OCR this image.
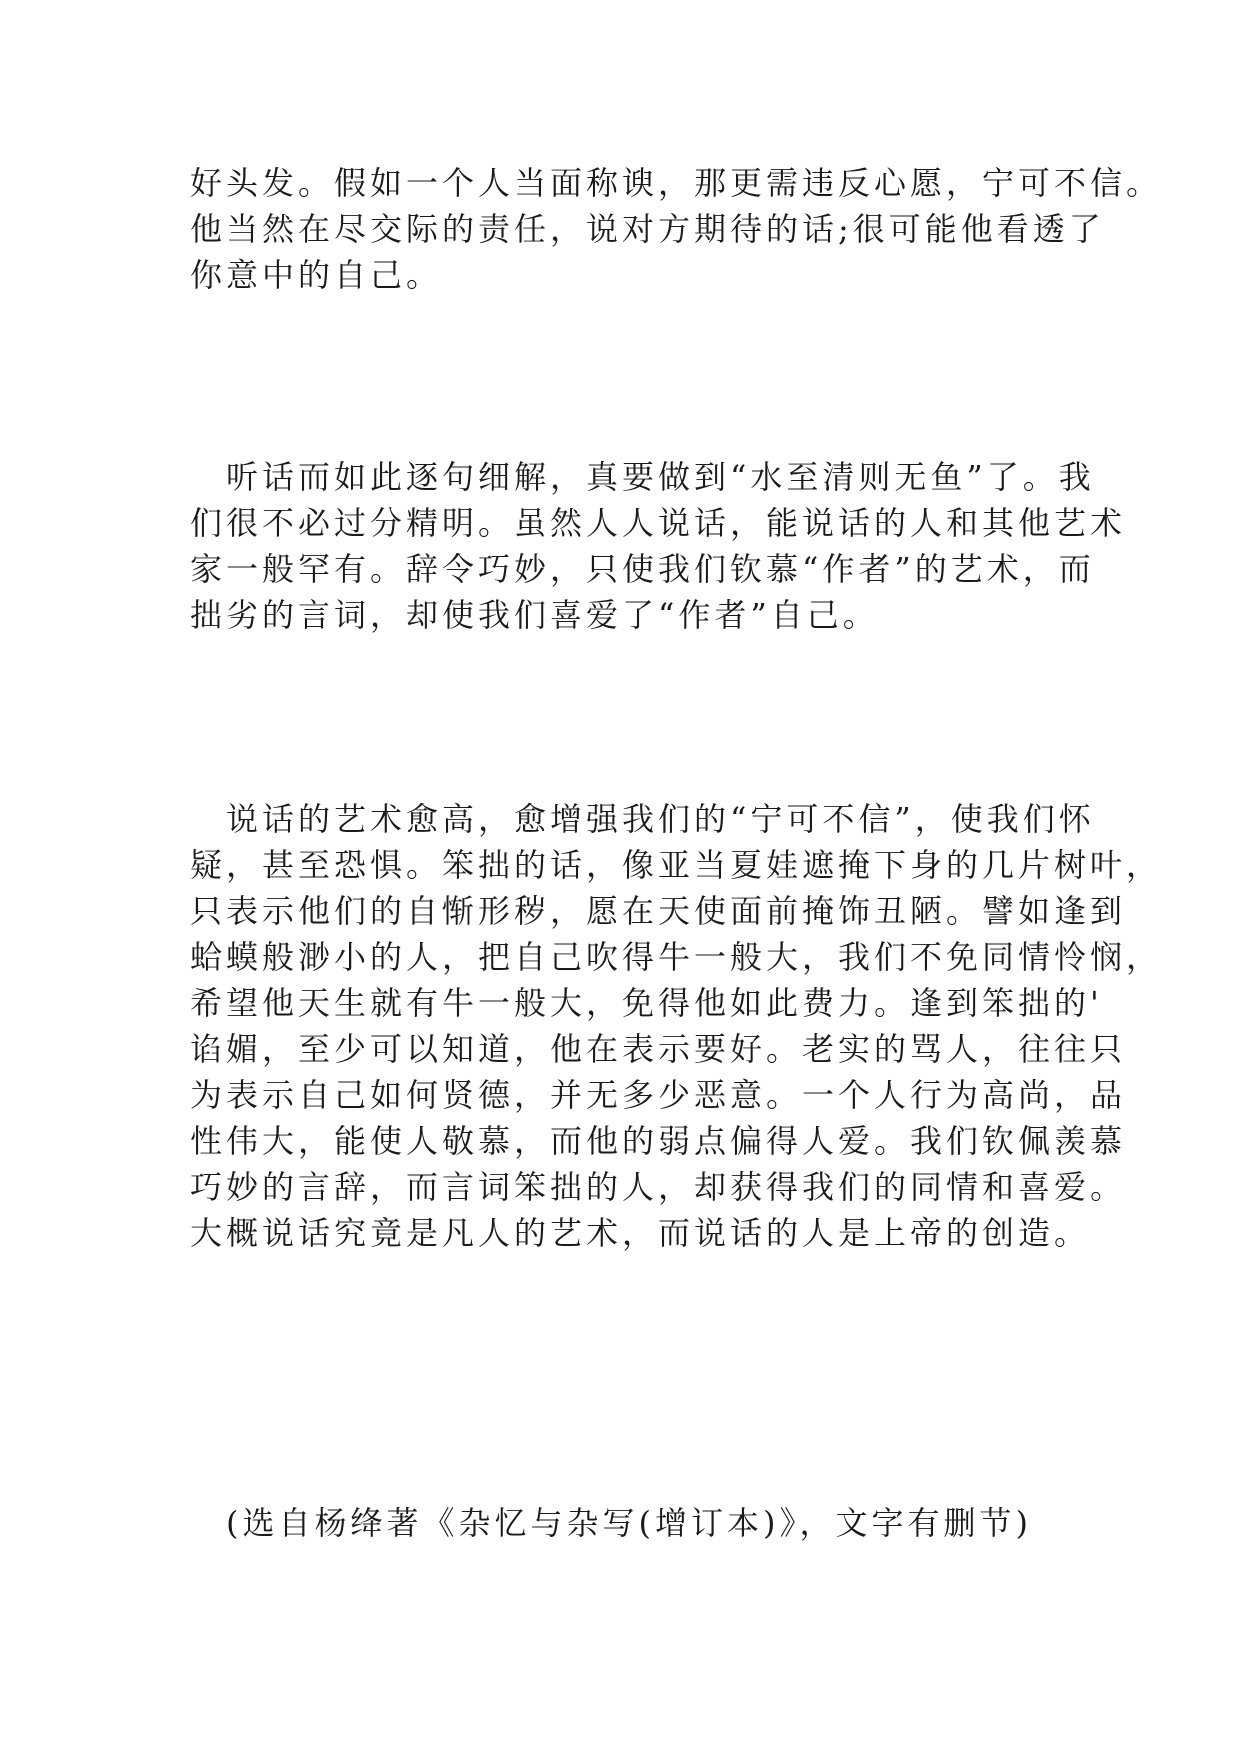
好头发。假如一个人当面称谀，那更需违反心愿，宁可不信。
他当然在尽交际的责任，说对方期待的话;很可能他看透了
你意中的自己。
　听话而如此逐句细解，真要做到“水至清则无鱼”了。我
们很不必过分精明。虽然人人说话，能说话的人和其他艺术
家一般罕有。辞令巧妙，只使我们钦慕“作者”的艺术，而
拙劣的言词，却使我们喜爱了“作者”自己。
　说话的艺术愈高，愈增强我们的“宁可不信”，使我们怀
疑，甚至恐惧。笨拙的话，像亚当夏娃遮掩下身的几片树叶，
只表示他们的自惭形秽，愿在天使面前掩饰丑陋。譬如逢到
蛤蟆般渺小的人，把自己吹得牛一般大，我们不免同情怜悯，
希望他天生就有牛一般大，免得他如此费力。逢到笨拙的'
谄媚，至少可以知道，他在表示要好。老实的骂人，往往只
为表示自己如何贤德，并无多少恶意。一个人行为高尚，品
性伟大，能使人敬慕，而他的弱点偏得人爱。我们钦佩羡慕
巧妙的言辞，而言词笨拙的人，却获得我们的同情和喜爱。
大概说话究竟是凡人的艺术，而说话的人是上帝的创造。
　(选自杨绛著《杂忆与杂写(增订本)》，文字有删节)
